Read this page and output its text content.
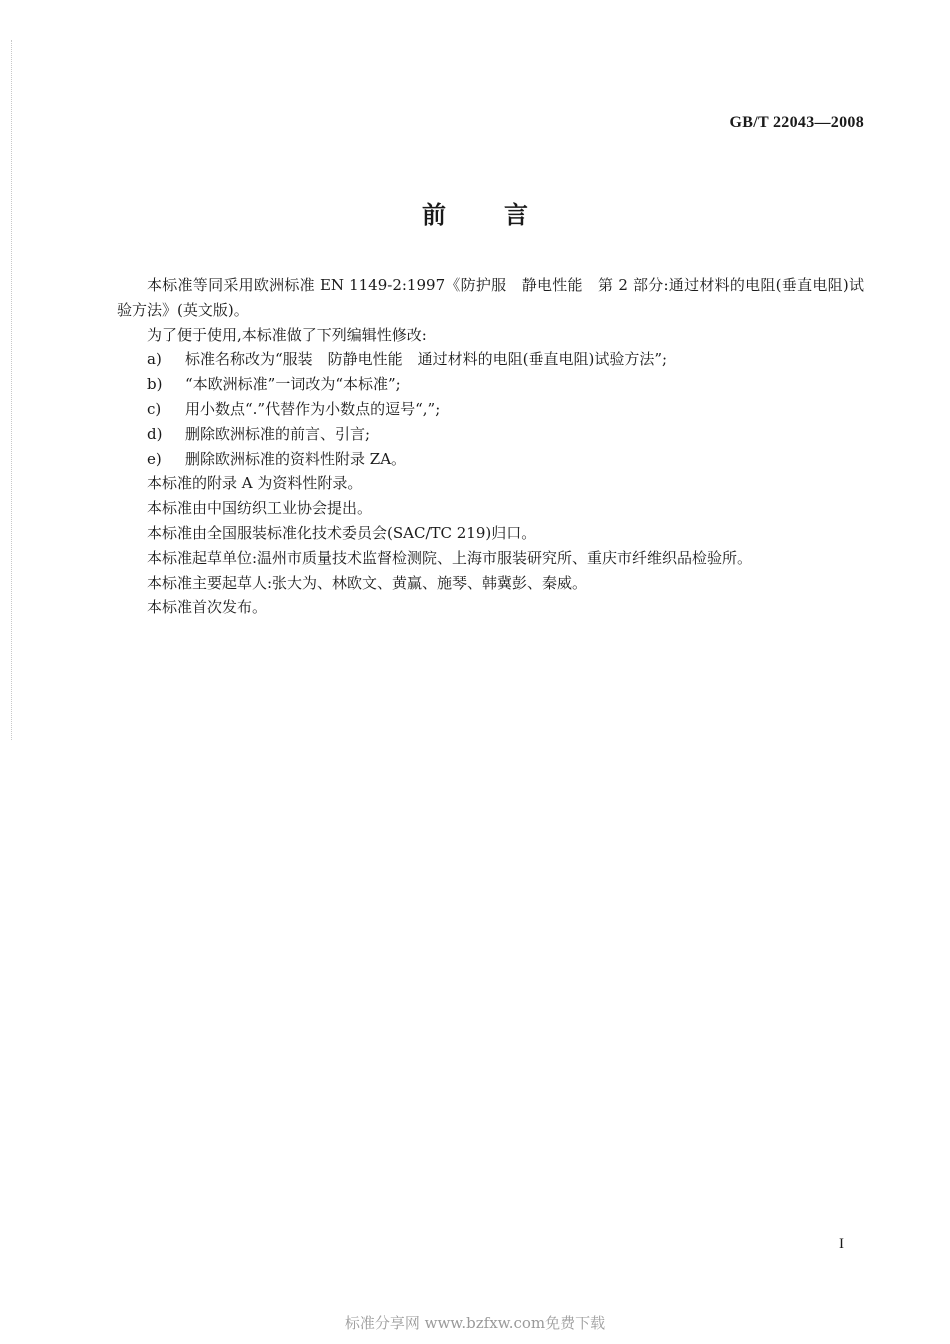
GB/T 22043—2008
前言

本标准等同采用欧洲标准 EN 1149-2:1997《防护服　静电性能　第 2 部分:通过材料的电阻(垂直电阻)试验方法》(英文版)。

为了便于使用,本标准做了下列编辑性修改:

a)	标准名称改为“服装　防静电性能　通过材料的电阻(垂直电阻)试验方法”;
b)	“本欧洲标准”一词改为“本标准”;
c)	用小数点“.”代替作为小数点的逗号“,”;
d)	删除欧洲标准的前言、引言;
e)	删除欧洲标准的资料性附录 ZA。

本标准的附录 A 为资料性附录。

本标准由中国纺织工业协会提出。

本标准由全国服装标准化技术委员会(SAC/TC 219)归口。

本标准起草单位:温州市质量技术监督检测院、上海市服装研究所、重庆市纤维织品检验所。

本标准主要起草人:张大为、林欧文、黄赢、施琴、韩冀彭、秦威。

本标准首次发布。

I
标准分享网 www.bzfxw.com免费下载
